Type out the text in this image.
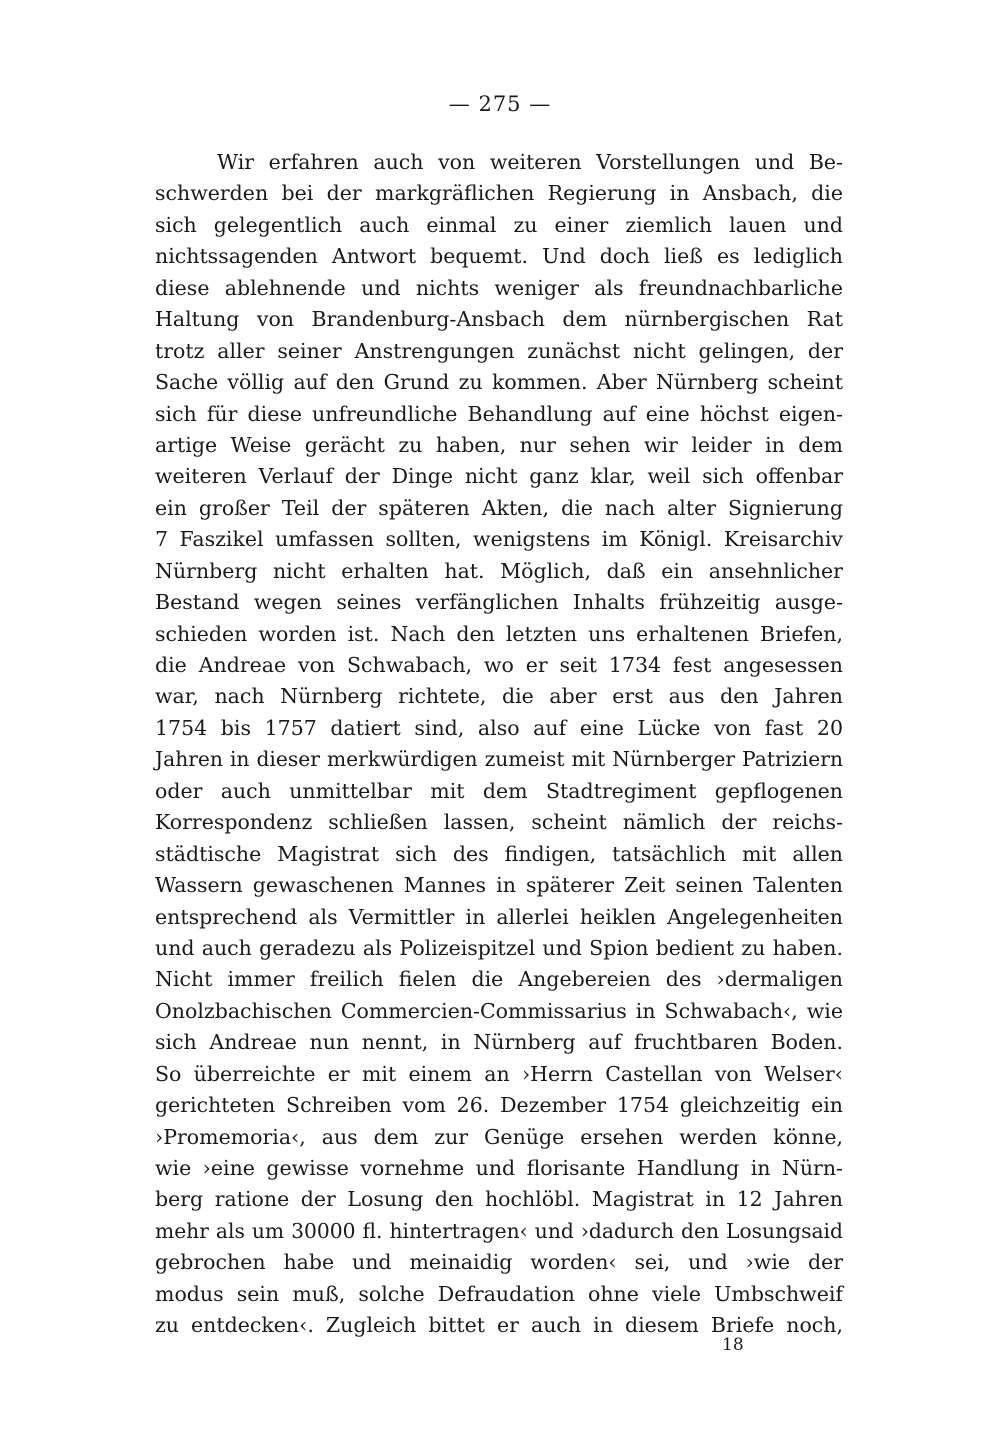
— 275 —
Wir erfahren auch von weiteren Vorstellungen und Be-
schwerden bei der markgräflichen Regierung in Ansbach, die
sich gelegentlich auch einmal zu einer ziemlich lauen und
nichtssagenden Antwort bequemt. Und doch ließ es lediglich
diese ablehnende und nichts weniger als freundnachbarliche
Haltung von Brandenburg-Ansbach dem nürnbergischen Rat
trotz aller seiner Anstrengungen zunächst nicht gelingen, der
Sache völlig auf den Grund zu kommen. Aber Nürnberg scheint
sich für diese unfreundliche Behandlung auf eine höchst eigen-
artige Weise gerächt zu haben, nur sehen wir leider in dem
weiteren Verlauf der Dinge nicht ganz klar, weil sich offenbar
ein großer Teil der späteren Akten, die nach alter Signierung
7 Faszikel umfassen sollten, wenigstens im Königl. Kreisarchiv
Nürnberg nicht erhalten hat. Möglich, daß ein ansehnlicher
Bestand wegen seines verfänglichen Inhalts frühzeitig ausge-
schieden worden ist. Nach den letzten uns erhaltenen Briefen,
die Andreae von Schwabach, wo er seit 1734 fest angesessen
war, nach Nürnberg richtete, die aber erst aus den Jahren
1754 bis 1757 datiert sind, also auf eine Lücke von fast 20
Jahren in dieser merkwürdigen zumeist mit Nürnberger Patriziern
oder auch unmittelbar mit dem Stadtregiment gepflogenen
Korrespondenz schließen lassen, scheint nämlich der reichs-
städtische Magistrat sich des findigen, tatsächlich mit allen
Wassern gewaschenen Mannes in späterer Zeit seinen Talenten
entsprechend als Vermittler in allerlei heiklen Angelegenheiten
und auch geradezu als Polizeispitzel und Spion bedient zu haben.
Nicht immer freilich fielen die Angebereien des ›dermaligen
Onolzbachischen Commercien-Commissarius in Schwabach‹, wie
sich Andreae nun nennt, in Nürnberg auf fruchtbaren Boden.
So überreichte er mit einem an ›Herrn Castellan von Welser‹
gerichteten Schreiben vom 26. Dezember 1754 gleichzeitig ein
›Promemoria‹, aus dem zur Genüge ersehen werden könne,
wie ›eine gewisse vornehme und florisante Handlung in Nürn-
berg ratione der Losung den hochlöbl. Magistrat in 12 Jahren
mehr als um 30000 fl. hintertragen‹ und ›dadurch den Losungsaid
gebrochen habe und meinaidig worden‹ sei, und ›wie der
modus sein muß, solche Defraudation ohne viele Umbschweif
zu entdecken‹. Zugleich bittet er auch in diesem Briefe noch,
18
